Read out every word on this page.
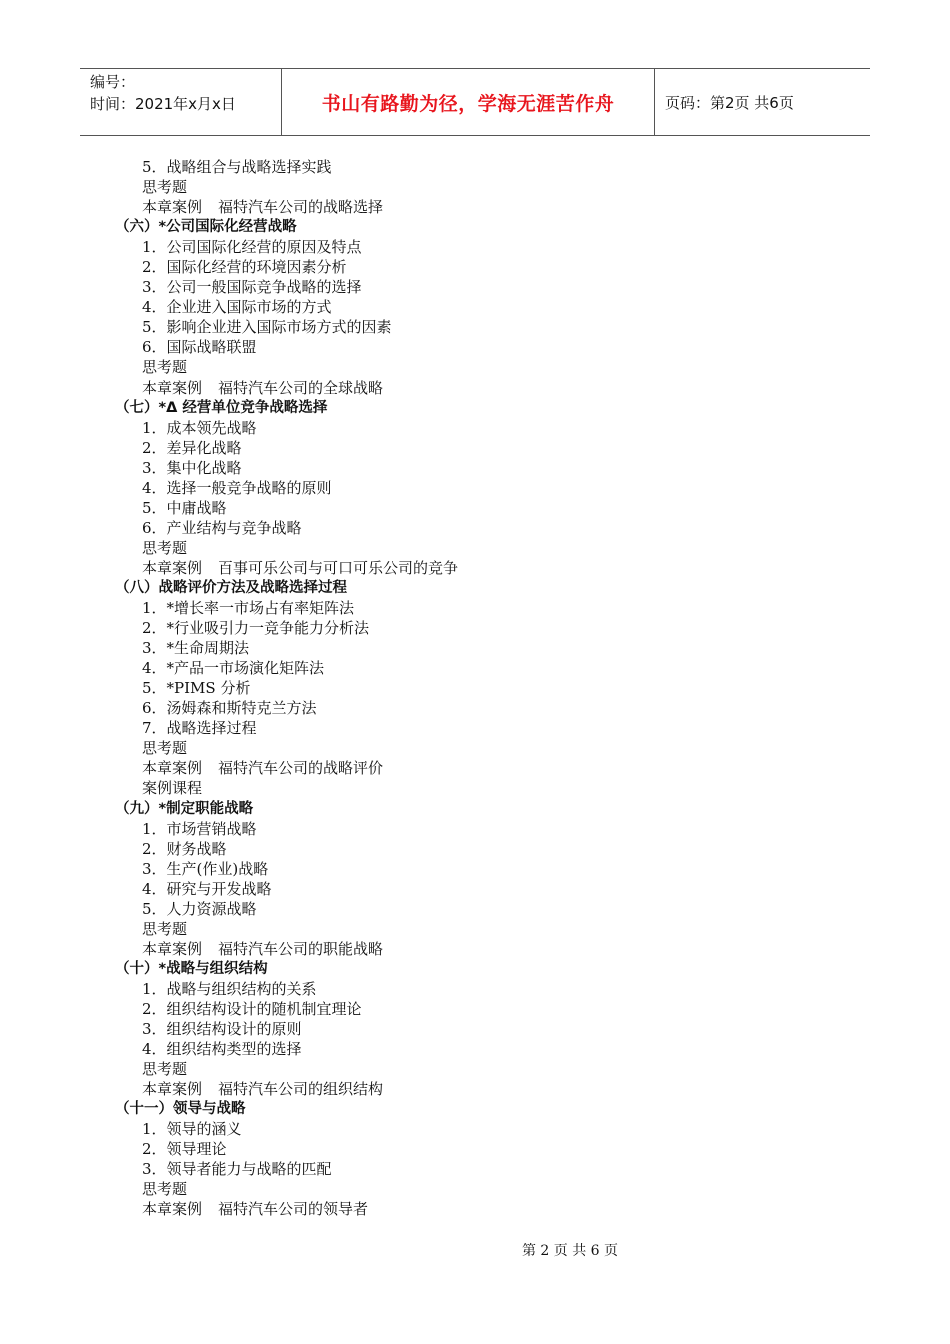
编号：
时间：2021年x月x日	书山有路勤为径，学海无涯苦作舟	页码：第2页 共6页
5．战略组合与战略选择实践
思考题
本章案例 福特汽车公司的战略选择
（六）*公司国际化经营战略
1．公司国际化经营的原因及特点
2．国际化经营的环境因素分析
3．公司一般国际竞争战略的选择
4．企业进入国际市场的方式
5．影响企业进入国际市场方式的因素
6．国际战略联盟
思考题
本章案例 福特汽车公司的全球战略
（七）*Δ 经营单位竞争战略选择
1．成本领先战略
2．差异化战略
3．集中化战略
4．选择一般竞争战略的原则
5．中庸战略
6．产业结构与竞争战略
思考题
本章案例 百事可乐公司与可口可乐公司的竞争
（八）战略评价方法及战略选择过程
1．*增长率一市场占有率矩阵法
2．*行业吸引力一竞争能力分析法
3．*生命周期法
4．*产品一市场演化矩阵法
5．*PIMS 分析
6．汤姆森和斯特克兰方法
7．战略选择过程
思考题
本章案例 福特汽车公司的战略评价
案例课程
（九）*制定职能战略
1．市场营销战略
2．财务战略
3．生产(作业)战略
4．研究与开发战略
5．人力资源战略
思考题
本章案例 福特汽车公司的职能战略
（十）*战略与组织结构
1．战略与组织结构的关系
2．组织结构设计的随机制宜理论
3．组织结构设计的原则
4．组织结构类型的选择
思考题
本章案例 福特汽车公司的组织结构
（十一）领导与战略
1．领导的涵义
2．领导理论
3．领导者能力与战略的匹配
思考题
本章案例 福特汽车公司的领导者
第 2 页 共 6 页
